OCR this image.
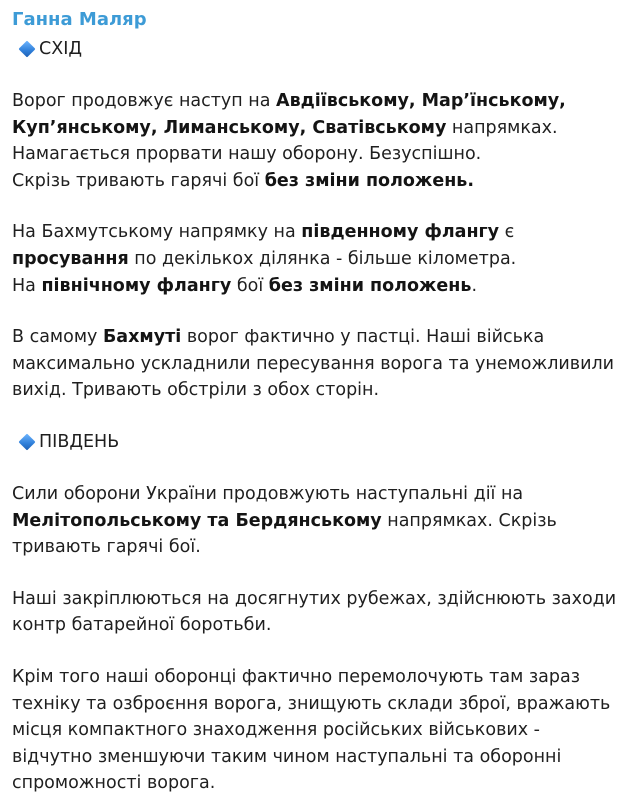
Ганна Маляр
СХІД

Ворог продовжує наступ на Авдіївському, Мар’їнському,
Куп’янському, Лиманському, Сватівському напрямках.
Намагається прорвати нашу оборону. Безуспішно.
Скрізь тривають гарячі бої без зміни положень.

На Бахмутському напрямку на південному флангу є
просування по декількох ділянка - більше кілометра.
На північному флангу бої без зміни положень.

В самому Бахмуті ворог фактично у пастці. Наші війська
максимально ускладнили пересування ворога та унеможливили
вихід. Тривають обстріли з обох сторін.

ПІВДЕНЬ

Сили оборони України продовжують наступальні дії на
Мелітопольському та Бердянському напрямках. Скрізь
тривають гарячі бої.

Наші закріплюються на досягнутих рубежах, здійснюють заходи
контр батарейної боротьби.

Крім того наші оборонці фактично перемолочують там зараз
техніку та озброєння ворога, знищують склади зброї, вражають
місця компактного знаходження російських військових -
відчутно зменшуючи таким чином наступальні та оборонні
спроможності ворога.
